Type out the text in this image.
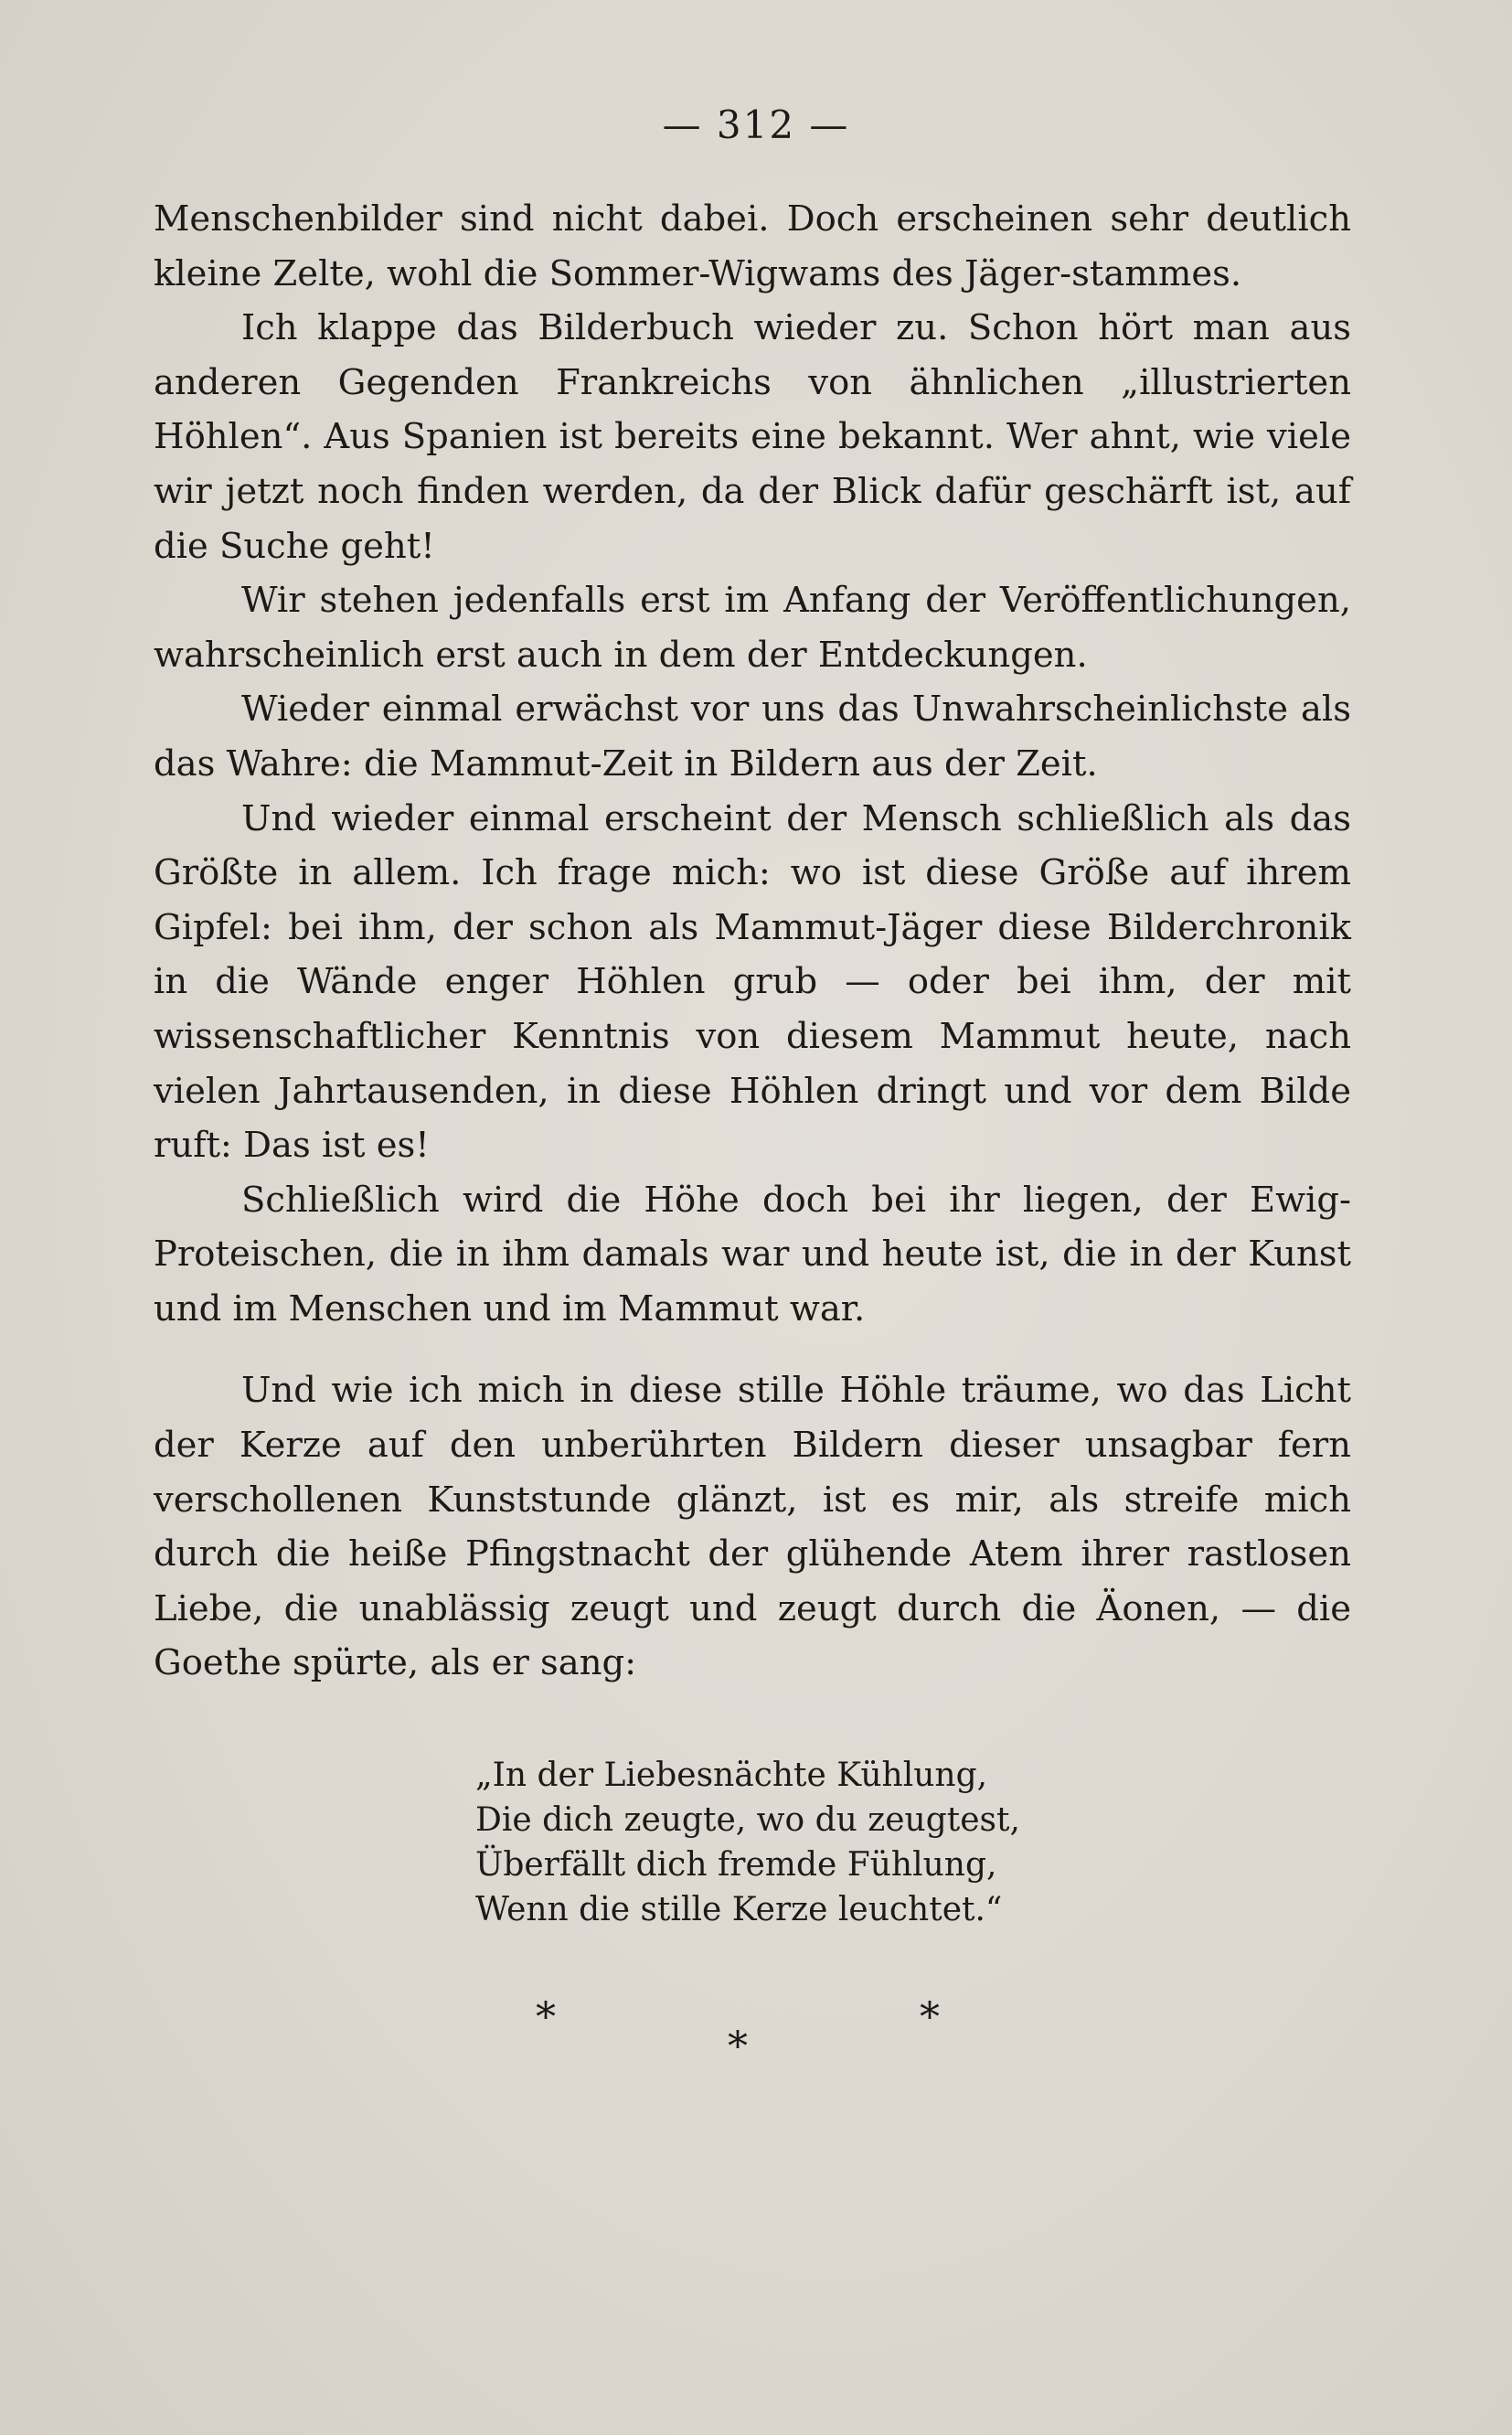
— 312 —

Menschenbilder sind nicht dabei. Doch erscheinen sehr deutlich kleine Zelte, wohl die Sommer-Wigwams des Jäger-stammes.

Ich klappe das Bilderbuch wieder zu. Schon hört man aus anderen Gegenden Frankreichs von ähnlichen „illustrierten Höhlen“. Aus Spanien ist bereits eine bekannt. Wer ahnt, wie viele wir jetzt noch finden werden, da der Blick dafür geschärft ist, auf die Suche geht!

Wir stehen jedenfalls erst im Anfang der Veröffentlichungen, wahrscheinlich erst auch in dem der Entdeckungen.

Wieder einmal erwächst vor uns das Unwahrscheinlichste als das Wahre: die Mammut-Zeit in Bildern aus der Zeit.

Und wieder einmal erscheint der Mensch schließlich als das Größte in allem. Ich frage mich: wo ist diese Größe auf ihrem Gipfel: bei ihm, der schon als Mammut-Jäger diese Bilderchronik in die Wände enger Höhlen grub — oder bei ihm, der mit wissenschaftlicher Kenntnis von diesem Mammut heute, nach vielen Jahrtausenden, in diese Höhlen dringt und vor dem Bilde ruft: Das ist es!

Schließlich wird die Höhe doch bei ihr liegen, der Ewig-Proteischen, die in ihm damals war und heute ist, die in der Kunst und im Menschen und im Mammut war.

Und wie ich mich in diese stille Höhle träume, wo das Licht der Kerze auf den unberührten Bildern dieser unsagbar fern verschollenen Kunststunde glänzt, ist es mir, als streife mich durch die heiße Pfingstnacht der glühende Atem ihrer rastlosen Liebe, die unablässig zeugt und zeugt durch die Äonen, — die Goethe spürte, als er sang:

„In der Liebesnächte Kühlung,
Die dich zeugte, wo du zeugtest,
Überfällt dich fremde Fühlung,
Wenn die stille Kerze leuchtet.“
*
*
*
